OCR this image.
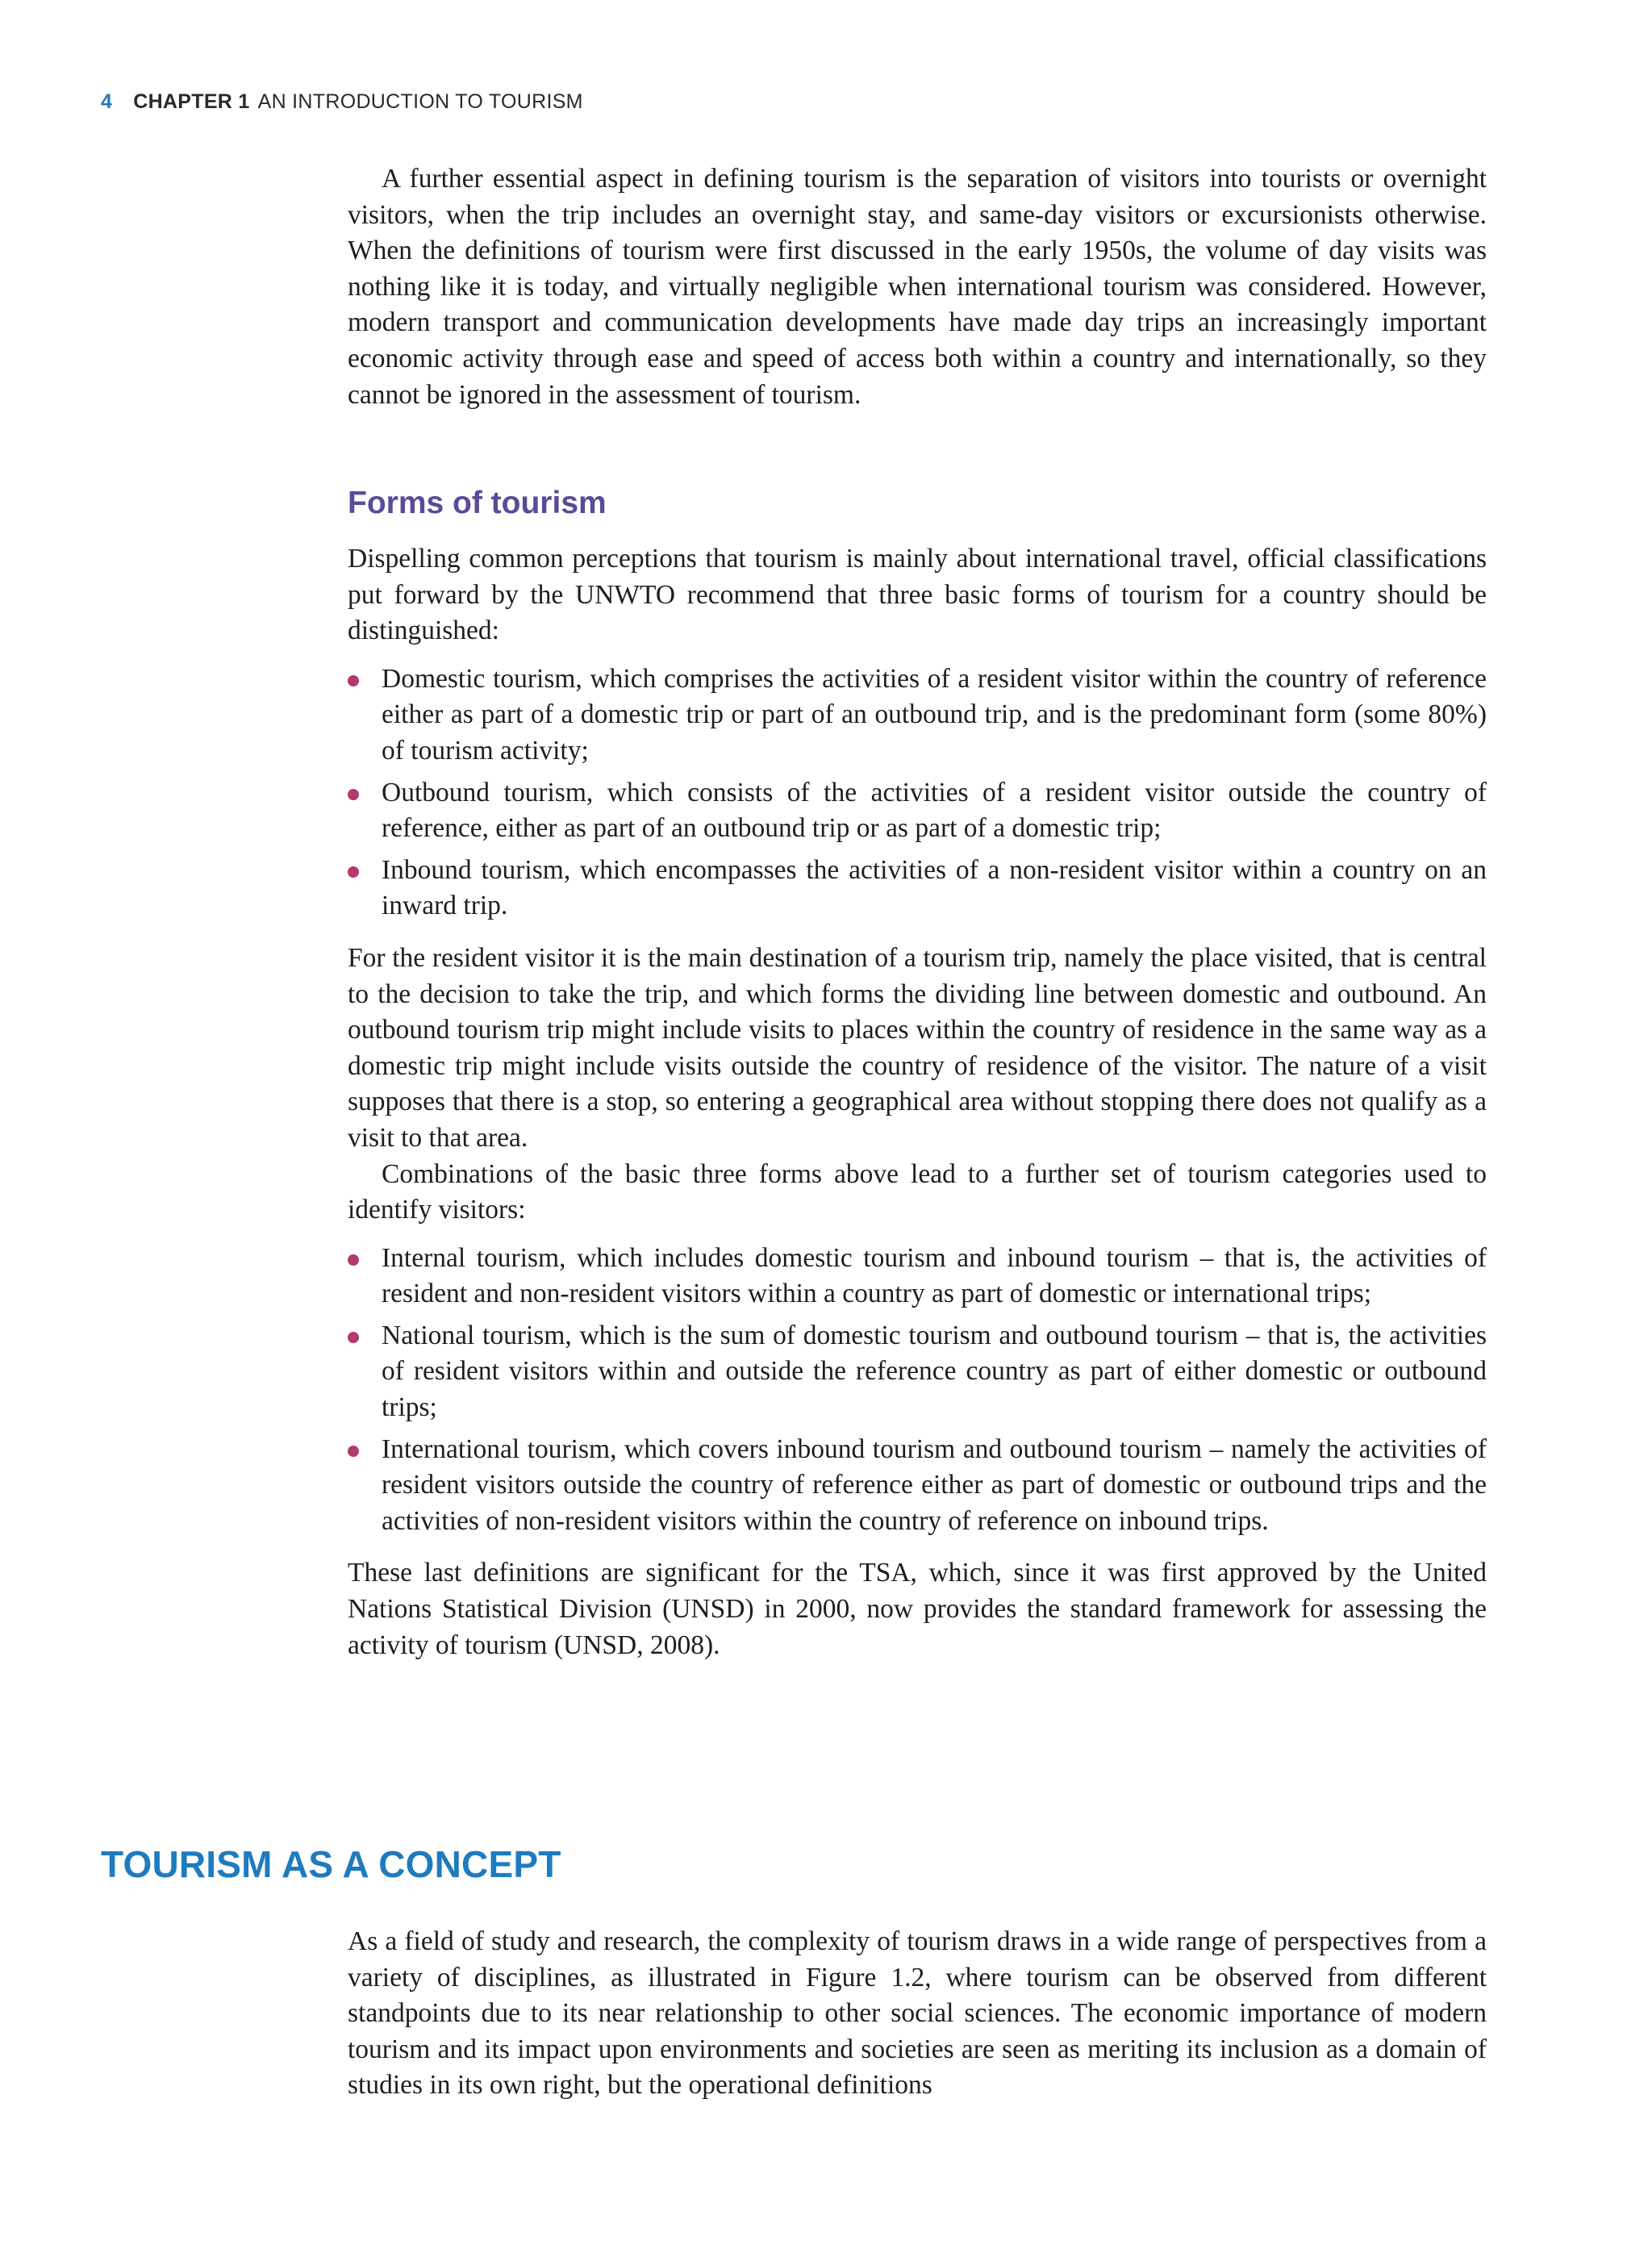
4 CHAPTER 1 AN INTRODUCTION TO TOURISM

A further essential aspect in defining tourism is the separation of visitors into tourists or overnight visitors, when the trip includes an overnight stay, and same-day visitors or excursionists otherwise. When the definitions of tourism were first discussed in the early 1950s, the volume of day visits was nothing like it is today, and virtually negligible when international tourism was considered. However, modern transport and communication developments have made day trips an increasingly important economic activity through ease and speed of access both within a country and internationally, so they cannot be ignored in the assessment of tourism.

Forms of tourism

Dispelling common perceptions that tourism is mainly about international travel, official classifications put forward by the UNWTO recommend that three basic forms of tourism for a country should be distinguished:

Domestic tourism, which comprises the activities of a resident visitor within the country of reference either as part of a domestic trip or part of an outbound trip, and is the predominant form (some 80%) of tourism activity;
Outbound tourism, which consists of the activities of a resident visitor outside the country of reference, either as part of an outbound trip or as part of a domestic trip;
Inbound tourism, which encompasses the activities of a non-resident visitor within a country on an inward trip.

For the resident visitor it is the main destination of a tourism trip, namely the place visited, that is central to the decision to take the trip, and which forms the dividing line between domestic and outbound. An outbound tourism trip might include visits to places within the country of residence in the same way as a domestic trip might include visits outside the country of residence of the visitor. The nature of a visit supposes that there is a stop, so entering a geographical area without stopping there does not qualify as a visit to that area.

Combinations of the basic three forms above lead to a further set of tourism categories used to identify visitors:

Internal tourism, which includes domestic tourism and inbound tourism – that is, the activities of resident and non-resident visitors within a country as part of domestic or international trips;
National tourism, which is the sum of domestic tourism and outbound tourism – that is, the activities of resident visitors within and outside the reference country as part of either domestic or outbound trips;
International tourism, which covers inbound tourism and outbound tourism – namely the activities of resident visitors outside the country of reference either as part of domestic or outbound trips and the activities of non-resident visitors within the country of reference on inbound trips.

These last definitions are significant for the TSA, which, since it was first approved by the United Nations Statistical Division (UNSD) in 2000, now provides the standard framework for assessing the activity of tourism (UNSD, 2008).

TOURISM AS A CONCEPT

As a field of study and research, the complexity of tourism draws in a wide range of perspectives from a variety of disciplines, as illustrated in Figure 1.2, where tourism can be observed from different standpoints due to its near relationship to other social sciences. The economic importance of modern tourism and its impact upon environments and societies are seen as meriting its inclusion as a domain of studies in its own right, but the operational definitions
